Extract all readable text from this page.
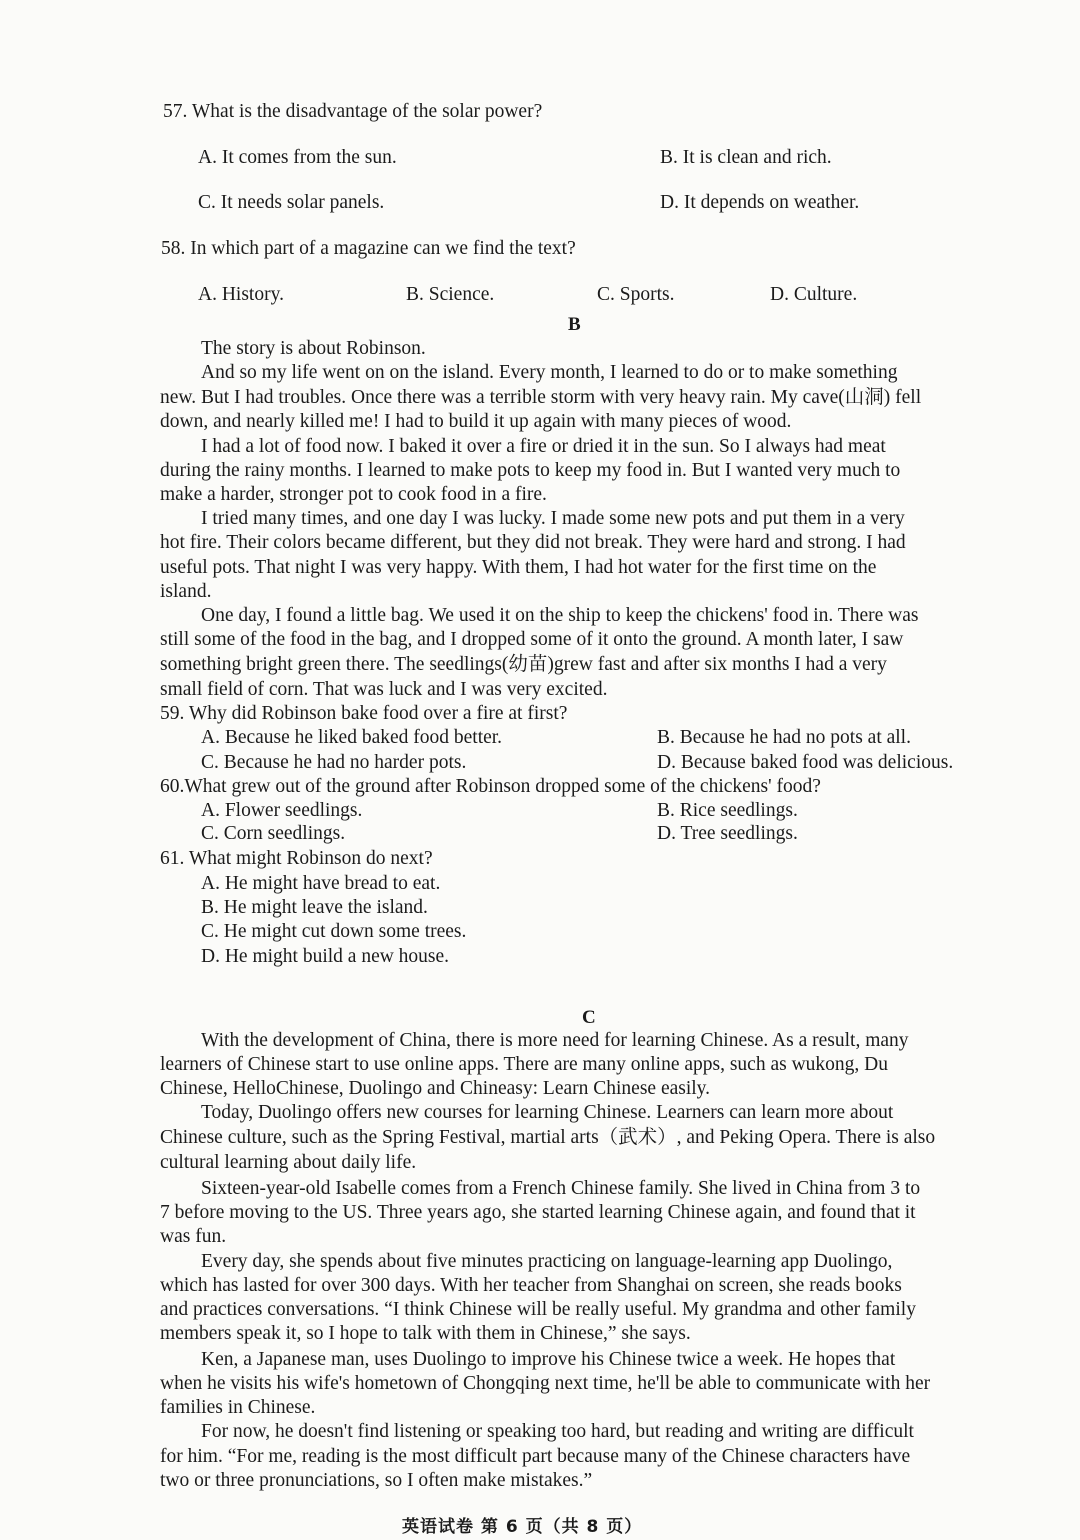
57. What is the disadvantage of the solar power?
A. It comes from the sun.	B. It is clean and rich.
C. It needs solar panels.	D. It depends on weather.
58. In which part of a magazine can we find the text?
A. History.	B. Science.	C. Sports.	D. Culture.
B
The story is about Robinson.
And so my life went on on the island. Every month, I learned to do or to make something
new. But I had troubles. Once there was a terrible storm with very heavy rain. My cave(山洞) fell
down, and nearly killed me! I had to build it up again with many pieces of wood.
I had a lot of food now. I baked it over a fire or dried it in the sun. So I always had meat
during the rainy months. I learned to make pots to keep my food in. But I wanted very much to
make a harder, stronger pot to cook food in a fire.
I tried many times, and one day I was lucky. I made some new pots and put them in a very
hot fire. Their colors became different, but they did not break. They were hard and strong. I had
useful pots. That night I was very happy. With them, I had hot water for the first time on the
island.
One day, I found a little bag. We used it on the ship to keep the chickens' food in. There was
still some of the food in the bag, and I dropped some of it onto the ground. A month later, I saw
something bright green there. The seedlings(幼苗)grew fast and after six months I had a very
small field of corn. That was luck and I was very excited.
59. Why did Robinson bake food over a fire at first?
A. Because he liked baked food better.	B. Because he had no pots at all.
C. Because he had no harder pots.	D. Because baked food was delicious.
60.What grew out of the ground after Robinson dropped some of the chickens' food?
A. Flower seedlings.	B. Rice seedlings.
C. Corn seedlings.	D. Tree seedlings.
61. What might Robinson do next?
A. He might have bread to eat.
B. He might leave the island.
C. He might cut down some trees.
D. He might build a new house.
C
With the development of China, there is more need for learning Chinese. As a result, many
learners of Chinese start to use online apps. There are many online apps, such as wukong, Du
Chinese, HelloChinese, Duolingo and Chineasy: Learn Chinese easily.
Today, Duolingo offers new courses for learning Chinese. Learners can learn more about
Chinese culture, such as the Spring Festival, martial arts（武术）, and Peking Opera. There is also
cultural learning about daily life.
Sixteen-year-old Isabelle comes from a French Chinese family. She lived in China from 3 to
7 before moving to the US. Three years ago, she started learning Chinese again, and found that it
was fun.
Every day, she spends about five minutes practicing on language-learning app Duolingo,
which has lasted for over 300 days. With her teacher from Shanghai on screen, she reads books
and practices conversations. “I think Chinese will be really useful. My grandma and other family
members speak it, so I hope to talk with them in Chinese,” she says.
Ken, a Japanese man, uses Duolingo to improve his Chinese twice a week. He hopes that
when he visits his wife's hometown of Chongqing next time, he'll be able to communicate with her
families in Chinese.
For now, he doesn't find listening or speaking too hard, but reading and writing are difficult
for him. “For me, reading is the most difficult part because many of the Chinese characters have
two or three pronunciations, so I often make mistakes.”
英语试卷 第 6 页（共 8 页）
